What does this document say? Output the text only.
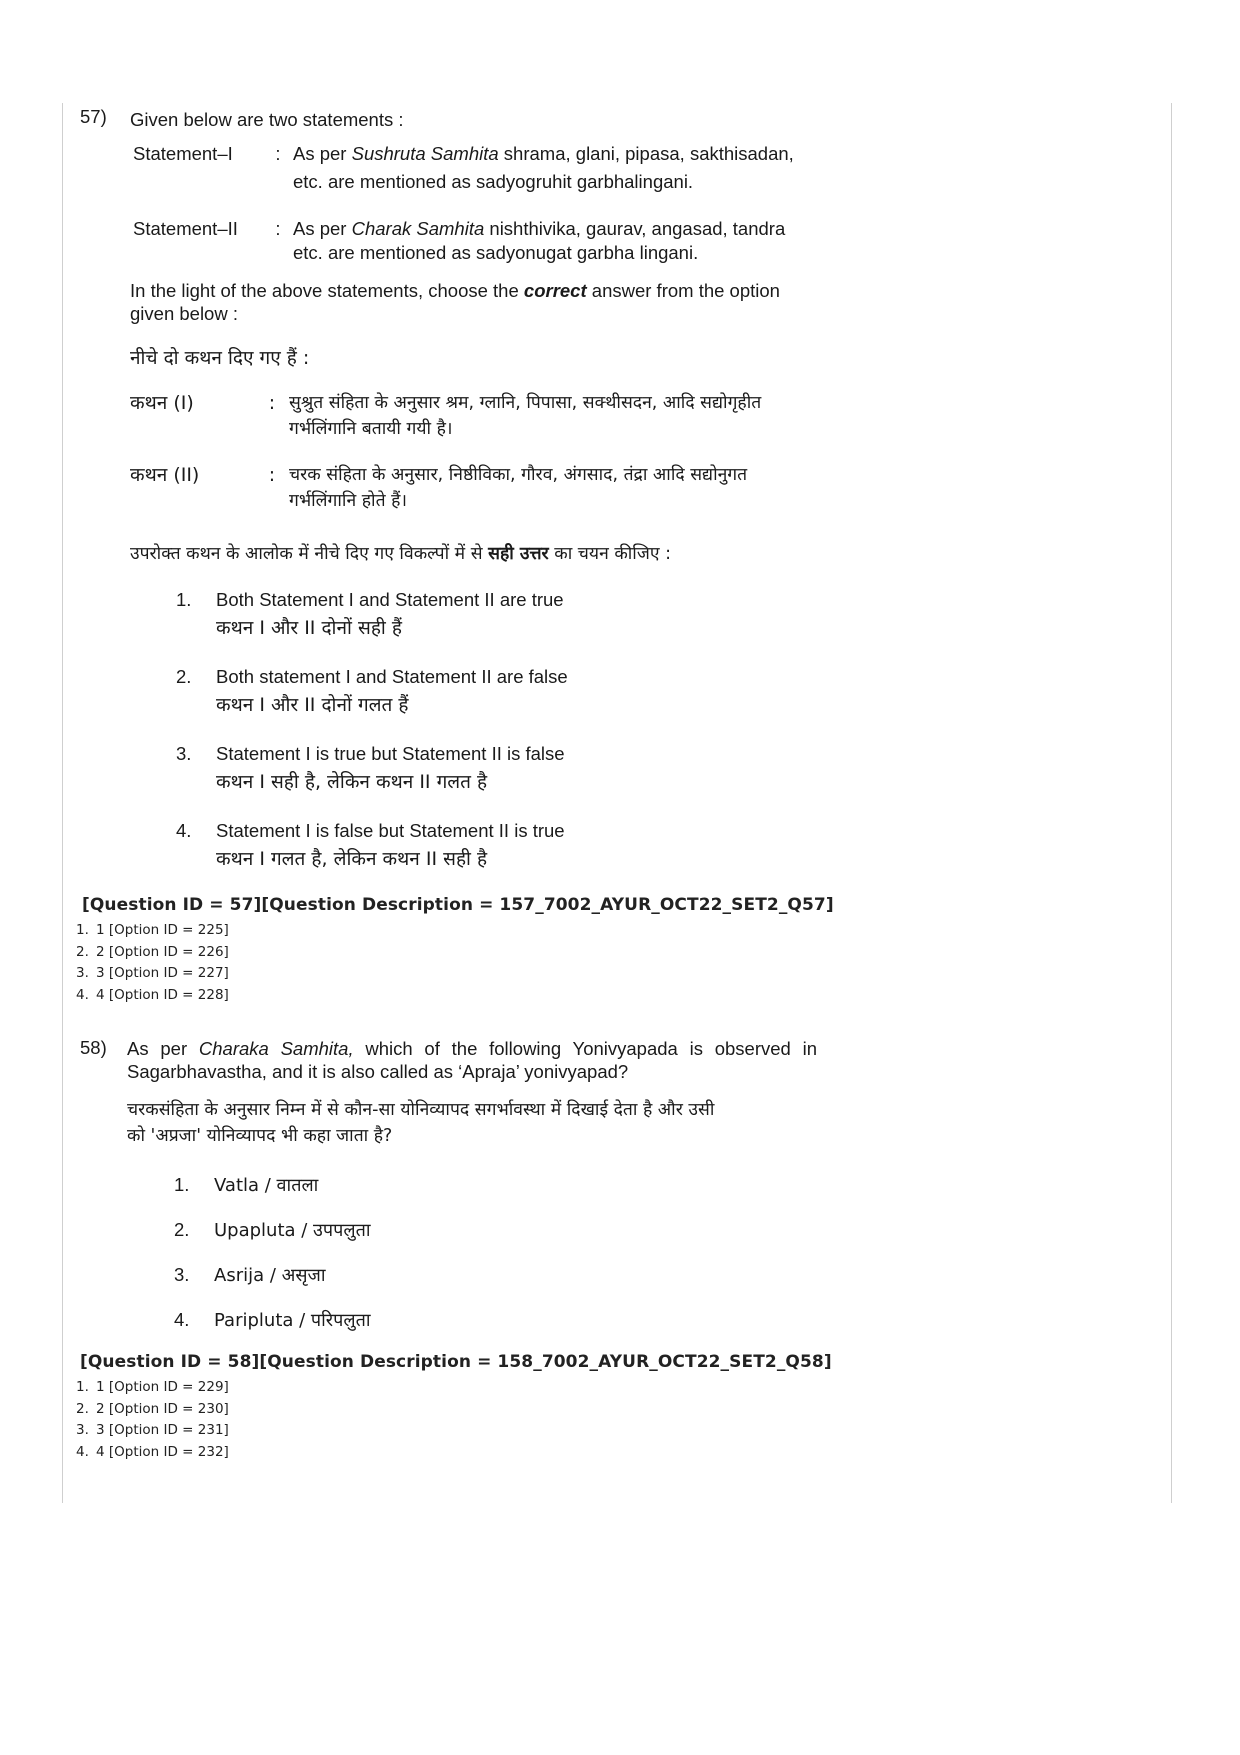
57) Given below are two statements :
Statement–I	: As per Sushruta Samhita shrama, glani, pipasa, sakthisadan,
etc. are mentioned as sadyogruhit garbhalingani.
Statement–II	: As per Charak Samhita nishthivika, gaurav, angasad, tandra
etc. are mentioned as sadyonugat garbha lingani.
In the light of the above statements, choose the correct answer from the option
given below :
नीचे दो कथन दिए गए हैं :
कथन (I)	: सुश्रुत संहिता के अनुसार श्रम, ग्लानि, पिपासा, सक्थीसदन, आदि सद्योगृहीत
गर्भलिंगानि बतायी गयी है।
कथन (II)	: चरक संहिता के अनुसार, निष्ठीविका, गौरव, अंगसाद, तंद्रा आदि सद्योनुगत
गर्भलिंगानि होते हैं।
उपरोक्त कथन के आलोक में नीचे दिए गए विकल्पों में से सही उत्तर का चयन कीजिए :
1.	Both Statement I and Statement II are true
कथन I और II दोनों सही हैं
2.	Both statement I and Statement II are false
कथन I और II दोनों गलत हैं
3.	Statement I is true but Statement II is false
कथन I सही है, लेकिन कथन II गलत है
4.	Statement I is false but Statement II is true
कथन I गलत है, लेकिन कथन II सही है
[Question ID = 57][Question Description = 157_7002_AYUR_OCT22_SET2_Q57]
1. 1 [Option ID = 225]
2. 2 [Option ID = 226]
3. 3 [Option ID = 227]
4. 4 [Option ID = 228]
58) As per Charaka Samhita, which of the following Yonivyapada is observed in
Sagarbhavastha, and it is also called as ‘Apraja’ yonivyapad?
चरकसंहिता के अनुसार निम्न में से कौन-सा योनिव्यापद सगर्भावस्था में दिखाई देता है और उसी
को 'अप्रजा' योनिव्यापद भी कहा जाता है?
1.	Vatla / वातला
2.	Upapluta / उपपलुता
3.	Asrija / असृजा
4.	Paripluta / परिपलुता
[Question ID = 58][Question Description = 158_7002_AYUR_OCT22_SET2_Q58]
1. 1 [Option ID = 229]
2. 2 [Option ID = 230]
3. 3 [Option ID = 231]
4. 4 [Option ID = 232]
